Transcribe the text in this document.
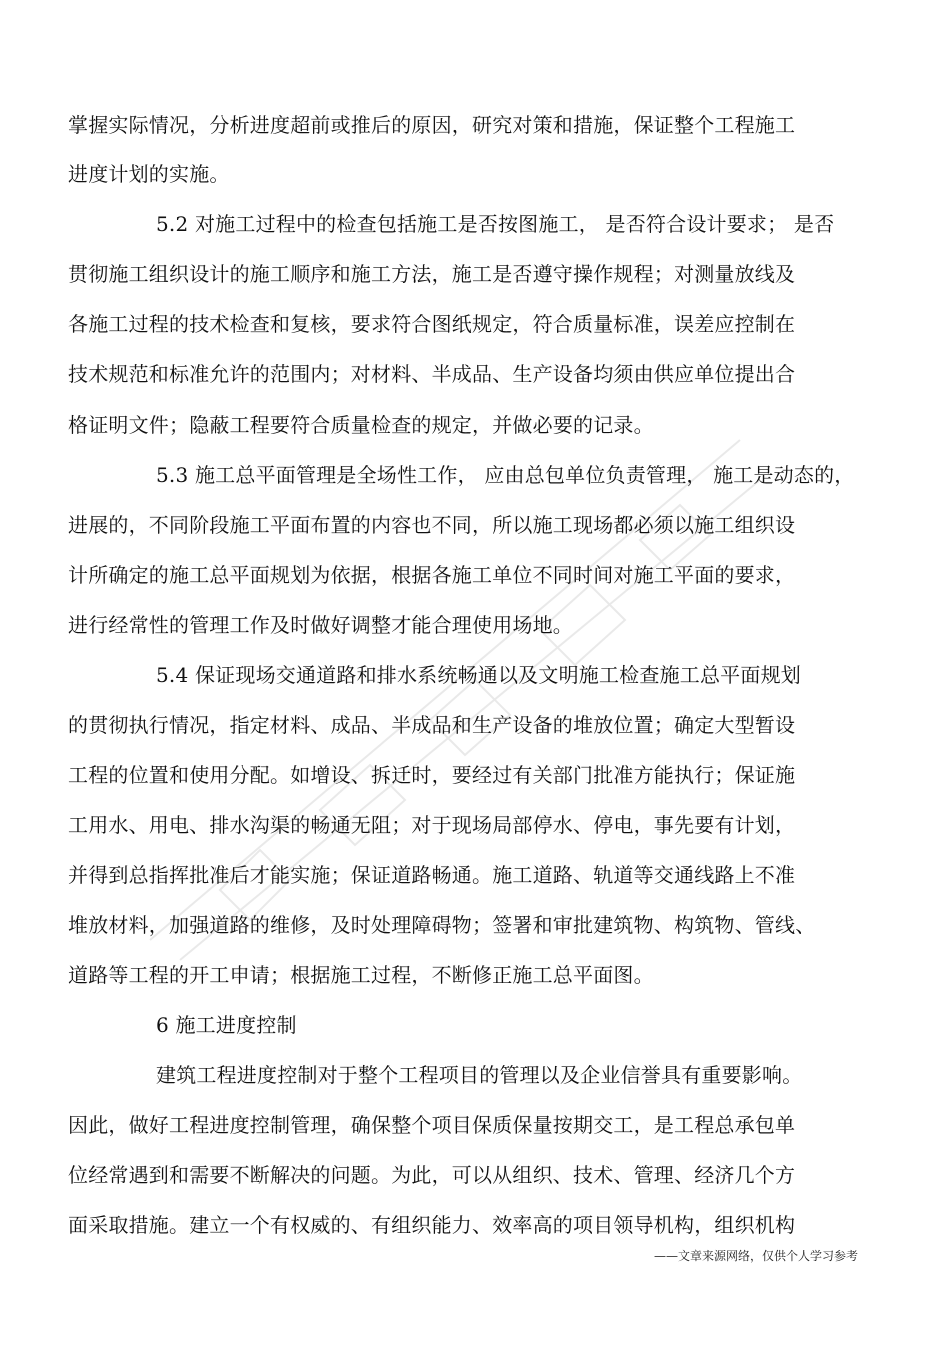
掌握实际情况，分析进度超前或推后的原因，研究对策和措施，保证整个工程施工
进度计划的实施。
5.2 对施工过程中的检查包括施工是否按图施工， 是否符合设计要求； 是否
贯彻施工组织设计的施工顺序和施工方法，施工是否遵守操作规程；对测量放线及
各施工过程的技术检查和复核，要求符合图纸规定，符合质量标准，误差应控制在
技术规范和标准允许的范围内；对材料、半成品、生产设备均须由供应单位提出合
格证明文件；隐蔽工程要符合质量检查的规定，并做必要的记录。
5.3 施工总平面管理是全场性工作， 应由总包单位负责管理， 施工是动态的，
进展的，不同阶段施工平面布置的内容也不同，所以施工现场都必须以施工组织设
计所确定的施工总平面规划为依据，根据各施工单位不同时间对施工平面的要求，
进行经常性的管理工作及时做好调整才能合理使用场地。
5.4 保证现场交通道路和排水系统畅通以及文明施工检查施工总平面规划
的贯彻执行情况，指定材料、成品、半成品和生产设备的堆放位置；确定大型暂设
工程的位置和使用分配。如增设、拆迁时，要经过有关部门批准方能执行；保证施
工用水、用电、排水沟渠的畅通无阻；对于现场局部停水、停电，事先要有计划，
并得到总指挥批准后才能实施；保证道路畅通。施工道路、轨道等交通线路上不准
堆放材料，加强道路的维修，及时处理障碍物；签署和审批建筑物、构筑物、管线、
道路等工程的开工申请；根据施工过程，不断修正施工总平面图。
6 施工进度控制
建筑工程进度控制对于整个工程项目的管理以及企业信誉具有重要影响。
因此，做好工程进度控制管理，确保整个项目保质保量按期交工，是工程总承包单
位经常遇到和需要不断解决的问题。为此，可以从组织、技术、管理、经济几个方
面采取措施。建立一个有权威的、有组织能力、效率高的项目领导机构，组织机构
——文章来源网络，仅供个人学习参考
